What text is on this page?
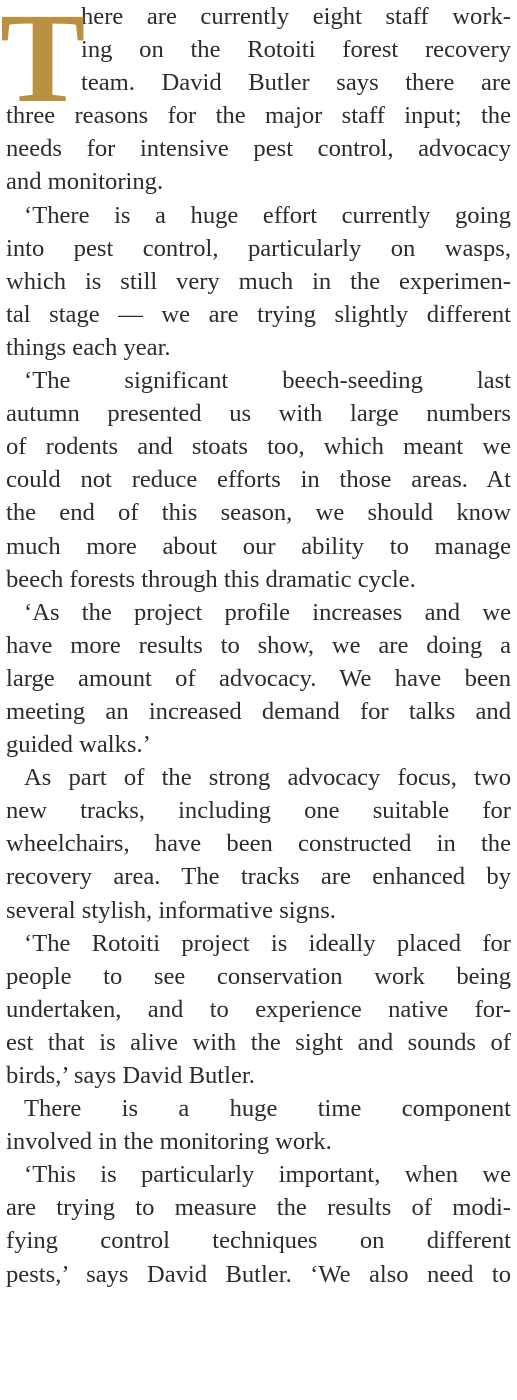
T
here are currently eight staff work-
ing on the Rotoiti forest recovery
team. David Butler says there are
three reasons for the major staff input; the
needs for intensive pest control, advocacy
and monitoring.
‘There is a huge effort currently going
into pest control, particularly on wasps,
which is still very much in the experimen-
tal stage — we are trying slightly different
things each year.
‘The significant beech-seeding last
autumn presented us with large numbers
of rodents and stoats too, which meant we
could not reduce efforts in those areas. At
the end of this season, we should know
much more about our ability to manage
beech forests through this dramatic cycle.
‘As the project profile increases and we
have more results to show, we are doing a
large amount of advocacy. We have been
meeting an increased demand for talks and
guided walks.’
As part of the strong advocacy focus, two
new tracks, including one suitable for
wheelchairs, have been constructed in the
recovery area. The tracks are enhanced by
several stylish, informative signs.
‘The Rotoiti project is ideally placed for
people to see conservation work being
undertaken, and to experience native for-
est that is alive with the sight and sounds of
birds,’ says David Butler.
There is a huge time component
involved in the monitoring work.
‘This is particularly important, when we
are trying to measure the results of modi-
fying control techniques on different
pests,’ says David Butler. ‘We also need to
